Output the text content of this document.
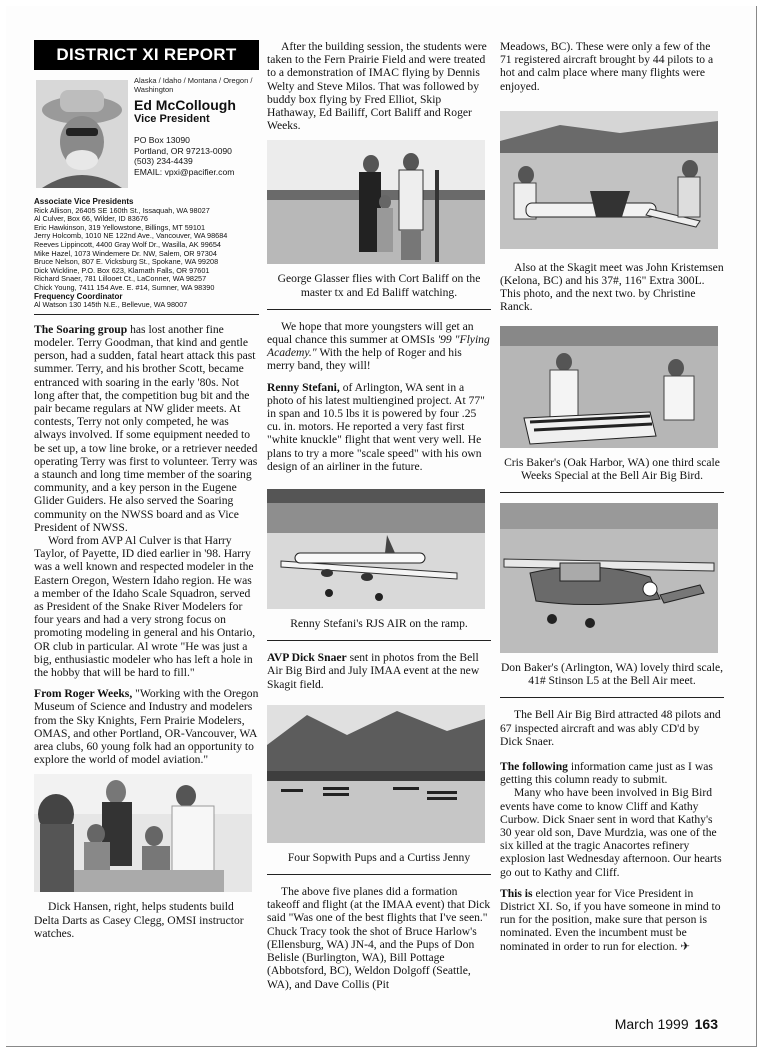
DISTRICT XI REPORT
Alaska / Idaho / Montana / Oregon / Washington
Ed McCollough
Vice President
PO Box 13090
Portland, OR 97213-0090
(503) 234-4439
EMAIL: vpxi@pacifier.com
Associate Vice Presidents
Rick Allison, 26405 SE 160th St., Issaquah, WA 98027
Al Culver, Box 66, Wilder, ID 83676
Eric Hawkinson, 319 Yellowstone, Billings, MT 59101
Jerry Holcomb, 1010 NE 122nd Ave., Vancouver, WA 98684
Reeves Lippincott, 4400 Gray Wolf Dr., Wasilla, AK 99654
Mike Hazel, 1073 Windemere Dr. NW, Salem, OR 97304
Bruce Nelson, 807 E. Vicksburg St., Spokane, WA 99208
Dick Wickline, P.O. Box 623, Klamath Falls, OR 97601
Richard Snaer, 781 Lillooet Ct., LaConner, WA 98257
Chick Young, 7411 154 Ave. E. #14, Sumner, WA 98390
Frequency Coordinator
Al Watson 130 145th N.E., Bellevue, WA 98007

The Soaring group has lost another fine modeler. Terry Goodman, that kind and gentle person, had a sudden, fatal heart attack this past summer. Terry, and his brother Scott, became entranced with soaring in the early '80s. Not long after that, the competition bug bit and the pair became regulars at NW glider meets. At contests, Terry not only competed, he was always involved. If some equipment needed to be set up, a tow line broke, or a retriever needed operating Terry was first to volunteer. Terry was a staunch and long time member of the soaring community, and a key person in the Eugene Glider Guiders. He also served the Soaring community on the NWSS board and as Vice President of NWSS.

Word from AVP Al Culver is that Harry Taylor, of Payette, ID died earlier in '98. Harry was a well known and respected modeler in the Eastern Oregon, Western Idaho region. He was a member of the Idaho Scale Squadron, served as President of the Snake River Modelers for four years and had a very strong focus on promoting modeling in general and his Ontario, OR club in particular. Al wrote "He was just a big, enthusiastic modeler who has left a hole in the hobby that will be hard to fill."

From Roger Weeks, "Working with the Oregon Museum of Science and Industry and modelers from the Sky Knights, Fern Prairie Modelers, OMAS, and other Portland, OR-Vancouver, WA area clubs, 60 young folk had an opportunity to explore the world of model aviation."

Dick Hansen, right, helps students build Delta Darts as Casey Clegg, OMSI instructor watches.

After the building session, the students were taken to the Fern Prairie Field and were treated to a demonstration of IMAC flying by Dennis Welty and Steve Milos. That was followed by buddy box flying by Fred Elliot, Skip Hathaway, Ed Bailiff, Cort Baliff and Roger Weeks.

George Glasser flies with Cort Baliff on the master tx and Ed Baliff watching.

We hope that more youngsters will get an equal chance this summer at OMSIs '99 "Flying Academy." With the help of Roger and his merry band, they will!

Renny Stefani, of Arlington, WA sent in a photo of his latest multiengined project. At 77" in span and 10.5 lbs it is powered by four .25 cu. in. motors. He reported a very fast first "white knuckle" flight that went very well. He plans to try a more "scale speed" with his own design of an airliner in the future.

Renny Stefani's RJS AIR on the ramp.

AVP Dick Snaer sent in photos from the Bell Air Big Bird and July IMAA event at the new Skagit field.

Four Sopwith Pups and a Curtiss Jenny

The above five planes did a formation takeoff and flight (at the IMAA event) that Dick said "Was one of the best flights that I've seen." Chuck Tracy took the shot of Bruce Harlow's (Ellensburg, WA) JN-4, and the Pups of Don Belisle (Burlington, WA), Bill Pottage (Abbotsford, BC), Weldon Dolgoff (Seattle, WA), and Dave Collis (Pit

Meadows, BC). These were only a few of the 71 registered aircraft brought by 44 pilots to a hot and calm place where many flights were enjoyed.

Also at the Skagit meet was John Kristemsen (Kelona, BC) and his 37#, 116" Extra 300L. This photo, and the next two. by Christine Ranck.

Cris Baker's (Oak Harbor, WA) one third scale Weeks Special at the Bell Air Big Bird.
Don Baker's (Arlington, WA) lovely third scale, 41# Stinson L5 at the Bell Air meet.

The Bell Air Big Bird attracted 48 pilots and 67 inspected aircraft and was ably CD'd by Dick Snaer.

The following information came just as I was getting this column ready to submit.

Many who have been involved in Big Bird events have come to know Cliff and Kathy Curbow. Dick Snaer sent in word that Kathy's 30 year old son, Dave Murdzia, was one of the six killed at the tragic Anacortes refinery explosion last Wednesday afternoon. Our hearts go out to Kathy and Cliff.

This is election year for Vice President in District XI. So, if you have someone in mind to run for the position, make sure that person is nominated. Even the incumbent must be nominated in order to run for election. ✈

March 1999 163
